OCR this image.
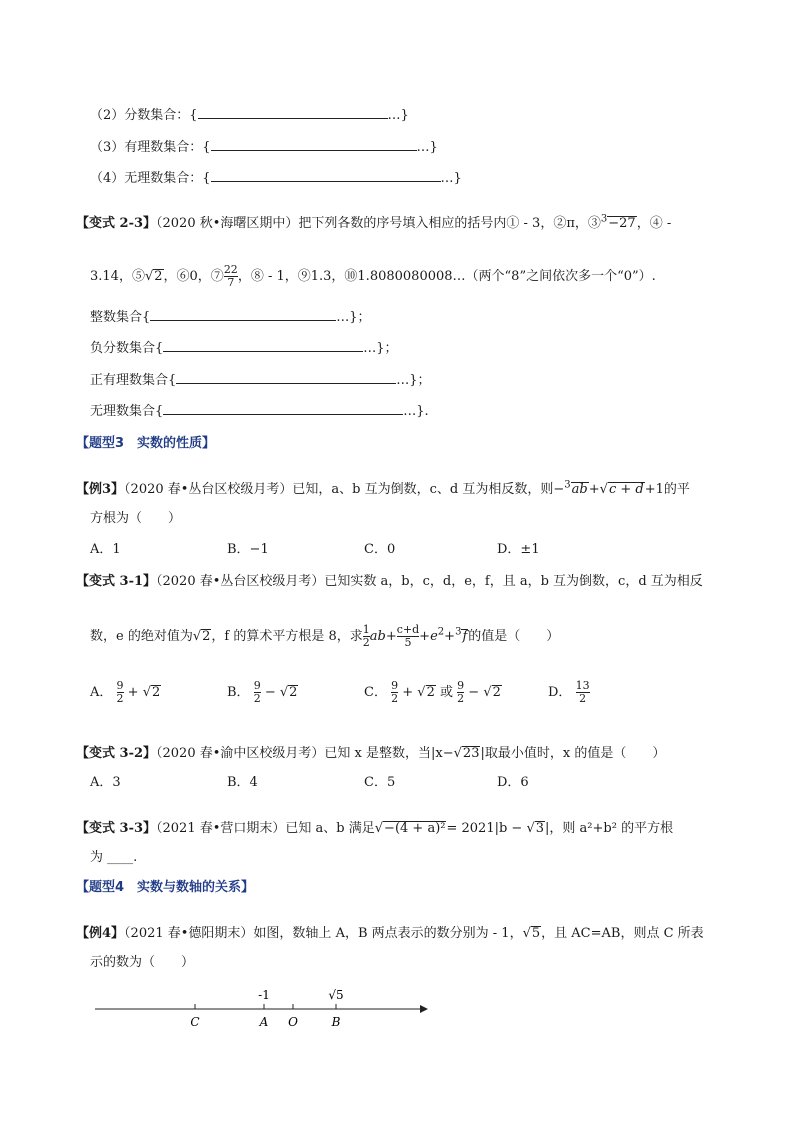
（2）分数集合：{	…}
（3）有理数集合：{	…}
（4）无理数集合：{	…}
【变式 2-3】（2020 秋•海曙区期中）把下列各数的序号填入相应的括号内① - 3，②π，③$^3$−27，④ -
3.14，⑤√2，⑥0，⑦ $\frac{22}{7}$ ，⑧ - 1，⑨1.3，⑩1.8080080008…（两个“8”之间依次多一个“0”）.
整数集合{	…}；
负分数集合{	…}；
正有理数集合{	…}；
无理数集合{	…}.
【题型3　实数的性质】
【例3】（2020 春•丛台区校级月考）已知，a、b 互为倒数，c、d 互为相反数，则−$^3$ab+√c + d+1的平
方根为（　　）
A．1	B．−1	C．0	D．±1
【变式 3-1】（2020 春•丛台区校级月考）已知实数 a，b，c，d，e，f，且 a，b 互为倒数，c，d 互为相反
数，e 的绝对值为√2，f 的算术平方根是 8，求 $\frac{1}{2} ab+ \frac{c+d}{5} +e^2+^3f$的值是（　　）
A． $\frac{9}{2} + √2$	B． $\frac{9}{2} - √2$	C． $\frac{9}{2} + √2$ 或 $\frac{9}{2} - √2$	D． $\frac{13}{2}$
【变式 3-2】（2020 春•渝中区校级月考）已知 x 是整数，当|x−√23|取最小值时，x 的值是（　　）
A．3	B．4	C．5	D．6
【变式 3-3】（2021 春•营口期末）已知 a、b 满足√−(4 + a)²= 2021|b − √3|，则 a²+b² 的平方根
为 ____.
【题型4　实数与数轴的关系】
【例4】（2021 春•德阳期末）如图，数轴上 A，B 两点表示的数分别为 - 1，√5，且 AC=AB，则点 C 所表
示的数为（　　）
-1	√5
C	A O	B
